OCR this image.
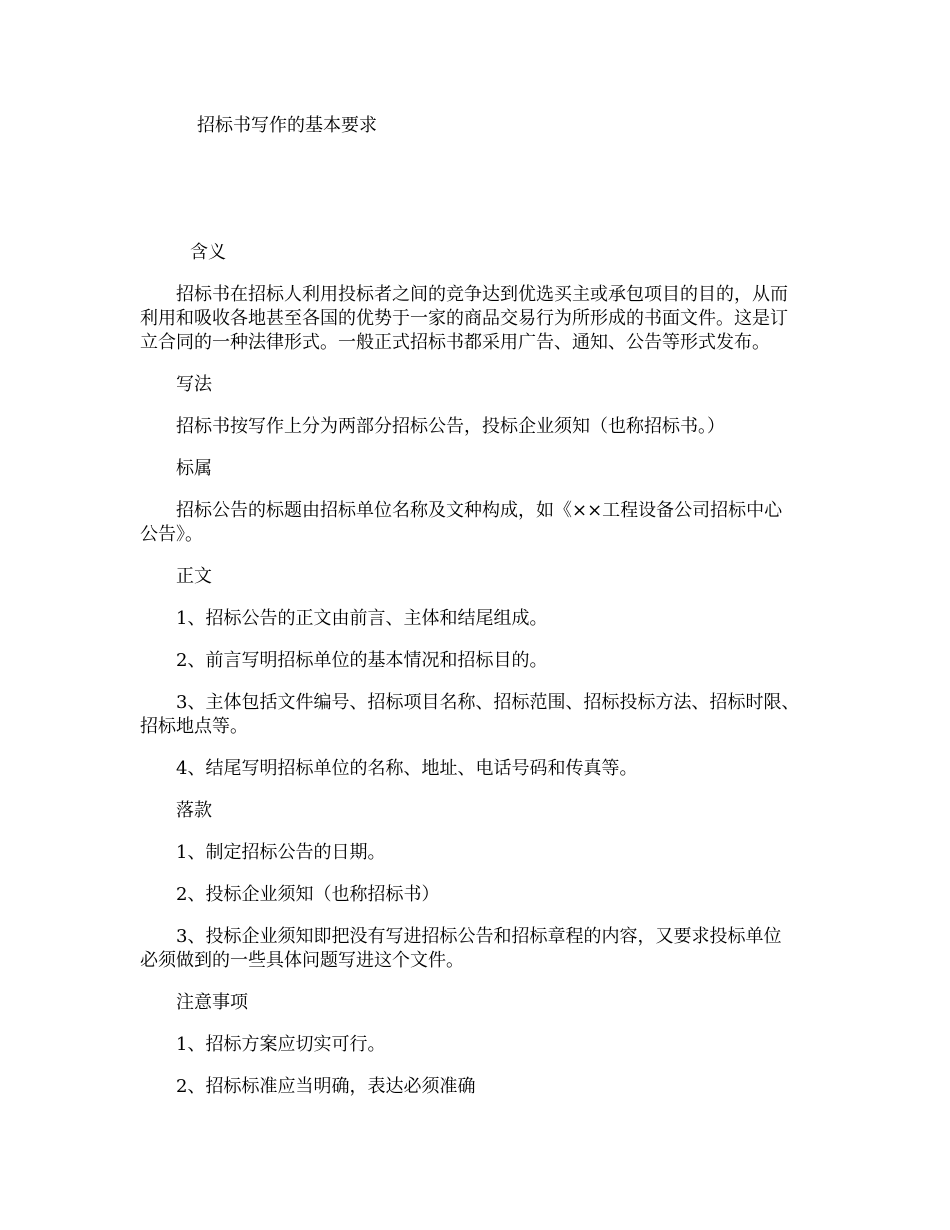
招标书写作的基本要求
含义
招标书在招标人利用投标者之间的竞争达到优选买主或承包项目的目的，从而
利用和吸收各地甚至各国的优势于一家的商品交易行为所形成的书面文件。这是订
立合同的一种法律形式。一般正式招标书都采用广告、通知、公告等形式发布。
写法
招标书按写作上分为两部分招标公告，投标企业须知（也称招标书。）
标属
招标公告的标题由招标单位名称及文种构成，如《××工程设备公司招标中心
公告》。
正文
1、招标公告的正文由前言、主体和结尾组成。
2、前言写明招标单位的基本情况和招标目的。
3、主体包括文件编号、招标项目名称、招标范围、招标投标方法、招标时限、
招标地点等。
4、结尾写明招标单位的名称、地址、电话号码和传真等。
落款
1、制定招标公告的日期。
2、投标企业须知（也称招标书）
3、投标企业须知即把没有写进招标公告和招标章程的内容，又要求投标单位
必须做到的一些具体问题写进这个文件。
注意事项
1、招标方案应切实可行。
2、招标标准应当明确，表达必须准确
